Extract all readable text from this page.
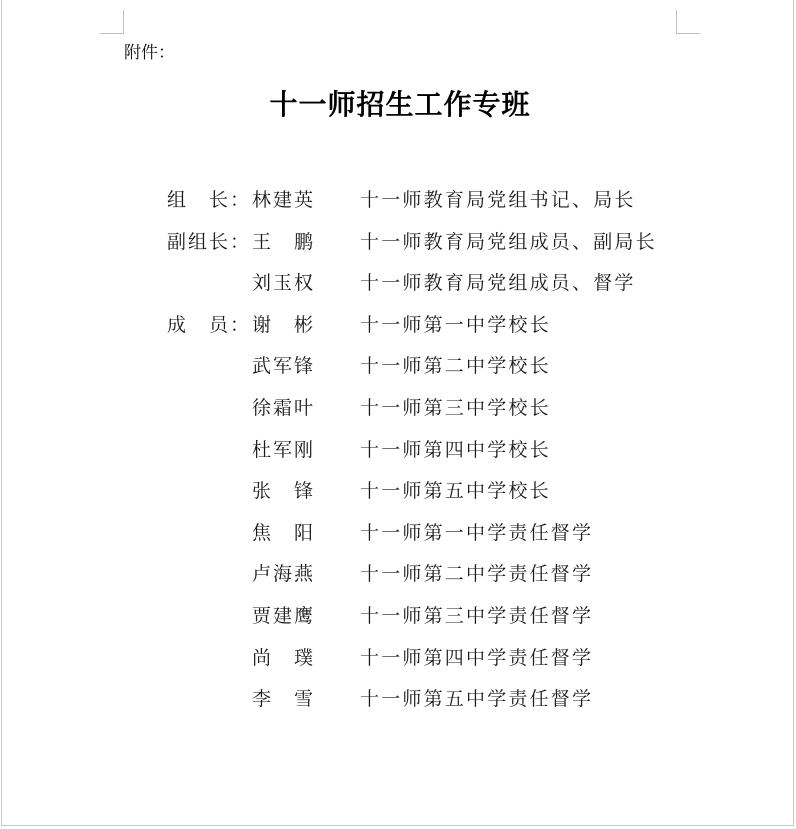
附件：
十一师招生工作专班
组　长： 林建英	十一师教育局党组书记、局长
副组长： 王　鹏	十一师教育局党组成员、副局长
刘玉权	十一师教育局党组成员、督学
成　员： 谢　彬	十一师第一中学校长
武军锋	十一师第二中学校长
徐霜叶	十一师第三中学校长
杜军刚	十一师第四中学校长
张　锋	十一师第五中学校长
焦　阳	十一师第一中学责任督学
卢海燕	十一师第二中学责任督学
贾建鹰	十一师第三中学责任督学
尚　璞	十一师第四中学责任督学
李　雪	十一师第五中学责任督学
